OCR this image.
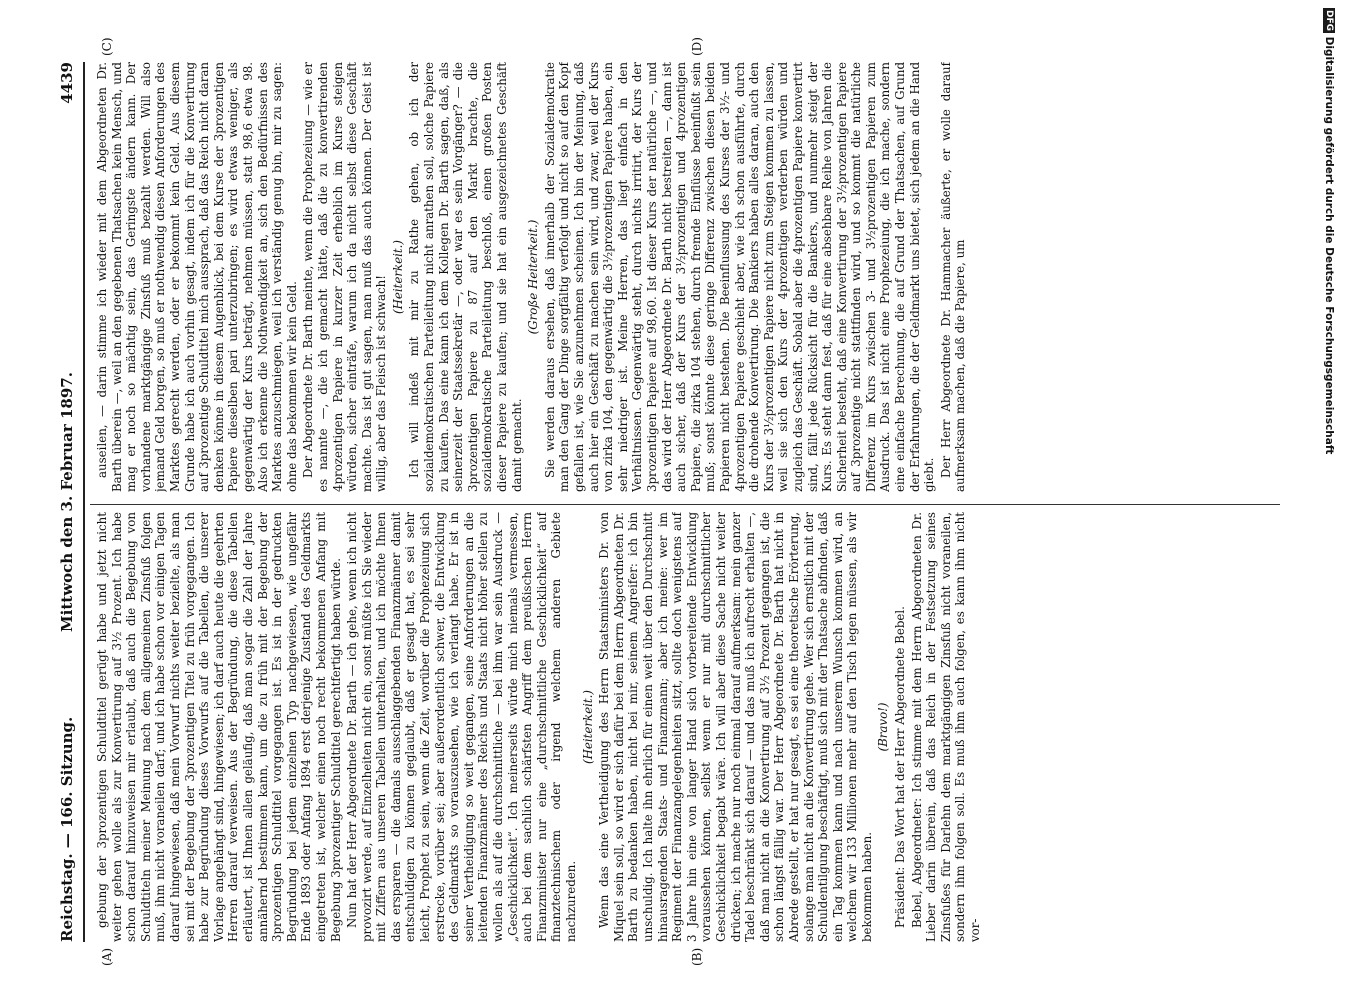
Reichstag. — 166. Sitzung.
Mittwoch den 3. Februar 1897.
4439
(A)	(B)
(C)	(D)

gebung der 3prozentigen Schuldtitel gerügt habe und jetzt nicht weiter gehen wolle als zur Konvertirung auf 3½ Prozent. Ich habe schon darauf hinzuweisen mir erlaubt, daß auch die Begebung von Schuldtiteln meiner Meinung nach dem allgemeinen Zinsfuß folgen muß, ihm nicht voraneilen darf; und ich habe schon vor einigen Tagen darauf hingewiesen, daß mein Vorwurf nichts weiter bezielte, als man sei mit der Begebung der 3prozentigen Titel zu früh vorgegangen. Ich habe zur Begründung dieses Vorwurfs auf die Tabellen, die unserer Vorlage angehängt sind, hingewiesen; ich darf auch heute die geehrten Herren darauf verweisen. Aus der Begründung, die diese Tabellen erläutert, ist Ihnen allen geläufig, daß man sogar die Zahl der Jahre annähernd bestimmen kann, um die zu früh mit der Begebung der 3prozentigen Schuldtitel vorgegangen ist. Es ist in der gedruckten Begründung bei jedem einzelnen Typ nachgewiesen, wie ungefähr Ende 1893 oder Anfang 1894 erst derjenige Zustand des Geldmarkts eingetreten ist, welcher einen noch recht bekommenen Anfang mit Begebung 3prozentiger Schuldtitel gerechtfertigt haben würde. Nun hat der Herr Abgeordnete Dr. Barth — ich gehe, wenn ich nicht provozirt werde, auf Einzelheiten nicht ein, sonst müßte ich Sie wieder mit Ziffern aus unseren Tabellen unterhalten, und ich möchte Ihnen das ersparen — die damals ausschlaggebenden Finanzmänner damit entschuldigen zu können geglaubt, daß er gesagt hat, es sei sehr leicht, Prophet zu sein, wenn die Zeit, worüber die Prophezeiung sich erstrecke, vorüber sei; aber außerordentlich schwer, die Entwicklung des Geldmarkts so vorauszusehen, wie ich verlangt habe. Er ist in seiner Vertheidigung so weit gegangen, seine Anforderungen an die leitenden Finanzmänner des Reichs und Staats nicht höher stellen zu wollen als auf die durchschnittliche — bei ihm war sein Ausdruck — „Geschicklichkeit“. Ich meinerseits würde mich niemals vermessen, auch bei dem sachlich schärfsten Angriff dem preußischen Herrn Finanzminister nur eine „durchschnittliche Geschicklichkeit“ auf finanztechnischem oder irgend welchem anderen Gebiete nachzureden.

(Heiterkeit.) Wenn das eine Vertheidigung des Herrn Staatsministers Dr. von Miquel sein soll, so wird er sich dafür bei dem Herrn Abgeordneten Dr. Barth zu bedanken haben, nicht bei mir, seinem Angreifer: ich bin unschuldig. Ich halte ihn ehrlich für einen weit über den Durchschnitt hinausragenden Staats- und Finanzmann; aber ich meine: wer im Regiment der Finanzangelegenheiten sitzt, sollte doch wenigstens auf 3 Jahre hin eine von langer Hand sich vorbereitende Entwicklung voraussehen können, selbst wenn er nur mit durchschnittlicher Geschicklichkeit begabt wäre. Ich will aber diese Sache nicht weiter drücken; ich mache nur noch einmal darauf aufmerksam: mein ganzer Tadel beschränkt sich darauf — und das muß ich aufrecht erhalten —, daß man nicht an die Konvertirung auf 3½ Prozent gegangen ist, die schon längst fällig war. Der Herr Abgeordnete Dr. Barth hat nicht in Abrede gestellt, er hat nur gesagt, es sei eine theoretische Erörterung, solange man nicht an die Konvertirung gehe. Wer sich ernstlich mit der Schuldentilgung beschäftigt, muß sich mit der Thatsache abfinden, daß ein Tag kommen kann und nach unserem Wunsch kommen wird, an welchem wir 133 Millionen mehr auf den Tisch legen müssen, als wir bekommen haben.

(Bravo!) Präsident: Das Wort hat der Herr Abgeordnete Bebel. Bebel, Abgeordneter: Ich stimme mit dem Herrn Abgeordneten Dr. Lieber darin überein, daß das Reich in der Festsetzung seines Zinsfußes für Darlehn dem marktgängigen Zinsfuß nicht voraneilen, sondern ihm folgen soll. Es muß ihm auch folgen, es kann ihm nicht vor-

auseilen, — darin stimme ich wieder mit dem Abgeordneten Dr. Barth überein —, weil an den gegebenen Thatsachen kein Mensch, und mag er noch so mächtig sein, das Geringste ändern kann. Der vorhandene marktgängige Zinsfuß muß bezahlt werden. Will also jemand Geld borgen, so muß er nothwendig diesen Anforderungen des Marktes gerecht werden, oder er bekommt kein Geld. Aus diesem Grunde habe ich auch vorhin gesagt, indem ich für die Konvertirung auf 3prozentige Schuldtitel mich aussprach, daß das Reich nicht daran denken könne in diesem Augenblick, bei dem Kurse der 3prozentigen Papiere dieselben pari unterzubringen; es wird etwas weniger, als gegenwärtig der Kurs beträgt, nehmen müssen, statt 98,6 etwa 98. Also ich erkenne die Nothwendigkeit an, sich den Bedürfnissen des Marktes anzuschmiegen, weil ich verständig genug bin, mir zu sagen: ohne das bekommen wir kein Geld. Der Abgeordnete Dr. Barth meinte, wenn die Prophezeiung — wie er es nannte —, die ich gemacht hätte, daß die zu konvertirenden 4prozentigen Papiere in kurzer Zeit erheblich im Kurse steigen würden, sicher einträfe, warum ich da nicht selbst diese Geschäft machte. Das ist gut sagen, man muß das auch können. Der Geist ist willig, aber das Fleisch ist schwach! (Heiterkeit.) Ich will indeß mit mir zu Rathe gehen, ob ich der sozialdemokratischen Parteileitung nicht anrathen soll, solche Papiere zu kaufen. Das eine kann ich dem Kollegen Dr. Barth sagen, daß, als seinerzeit der Staatssekretär —, oder war es sein Vorgänger? — die 3prozentigen Papiere zu 87 auf den Markt brachte, die sozialdemokratische Parteileitung beschloß, einen großen Posten dieser Papiere zu kaufen; und sie hat ein ausgezeichnetes Geschäft damit gemacht.

(Große Heiterkeit.) Sie werden daraus ersehen, daß innerhalb der Sozialdemokratie man den Gang der Dinge sorgfältig verfolgt und nicht so auf den Kopf gefallen ist, wie Sie anzunehmen scheinen. Ich bin der Meinung, daß auch hier ein Geschäft zu machen sein wird, und zwar, weil der Kurs von zirka 104, den gegenwärtig die 3½prozentigen Papiere haben, ein sehr niedriger ist. Meine Herren, das liegt einfach in den Verhältnissen. Gegenwärtig steht, durch nichts irritirt, der Kurs der 3prozentigen Papiere auf 98,60. Ist dieser Kurs der natürliche —, und das wird der Herr Abgeordnete Dr. Barth nicht bestreiten —, dann ist auch sicher, daß der Kurs der 3½prozentigen und 4prozentigen Papiere, die zirka 104 stehen, durch fremde Einflüsse beeinflußt sein muß; sonst könnte diese geringe Differenz zwischen diesen beiden Papieren nicht bestehen. Die Beeinflussung des Kurses der 3½- und 4prozentigen Papiere geschieht aber, wie ich schon ausführte, durch die drohende Konvertirung. Die Bankiers haben alles daran, auch den Kurs der 3½prozentigen Papiere nicht zum Steigen kommen zu lassen, weil sie sich den Kurs der 4prozentigen verderben würden und zugleich das Geschäft. Sobald aber die 4prozentigen Papiere konvertirt sind, fällt jede Rücksicht für die Bankiers, und nunmehr steigt der Kurs. Es steht dann fest, daß für eine absehbare Reihe von Jahren die Sicherheit besteht, daß eine Konvertirung der 3½prozentigen Papiere auf 3prozentige nicht stattfinden wird, und so kommt die natürliche Differenz im Kurs zwischen 3- und 3½prozentigen Papieren zum Ausdruck. Das ist nicht eine Prophezeiung, die ich mache, sondern eine einfache Berechnung, die auf Grund der Thatsachen, auf Grund der Erfahrungen, die der Geldmarkt uns bietet, sich jedem an die Hand giebt. Der Herr Abgeordnete Dr. Hammacher äußerte, er wolle darauf aufmerksam machen, daß die Papiere, um

DFG Digitalisierung gefördert durch die Deutsche Forschungsgemeinschaft
